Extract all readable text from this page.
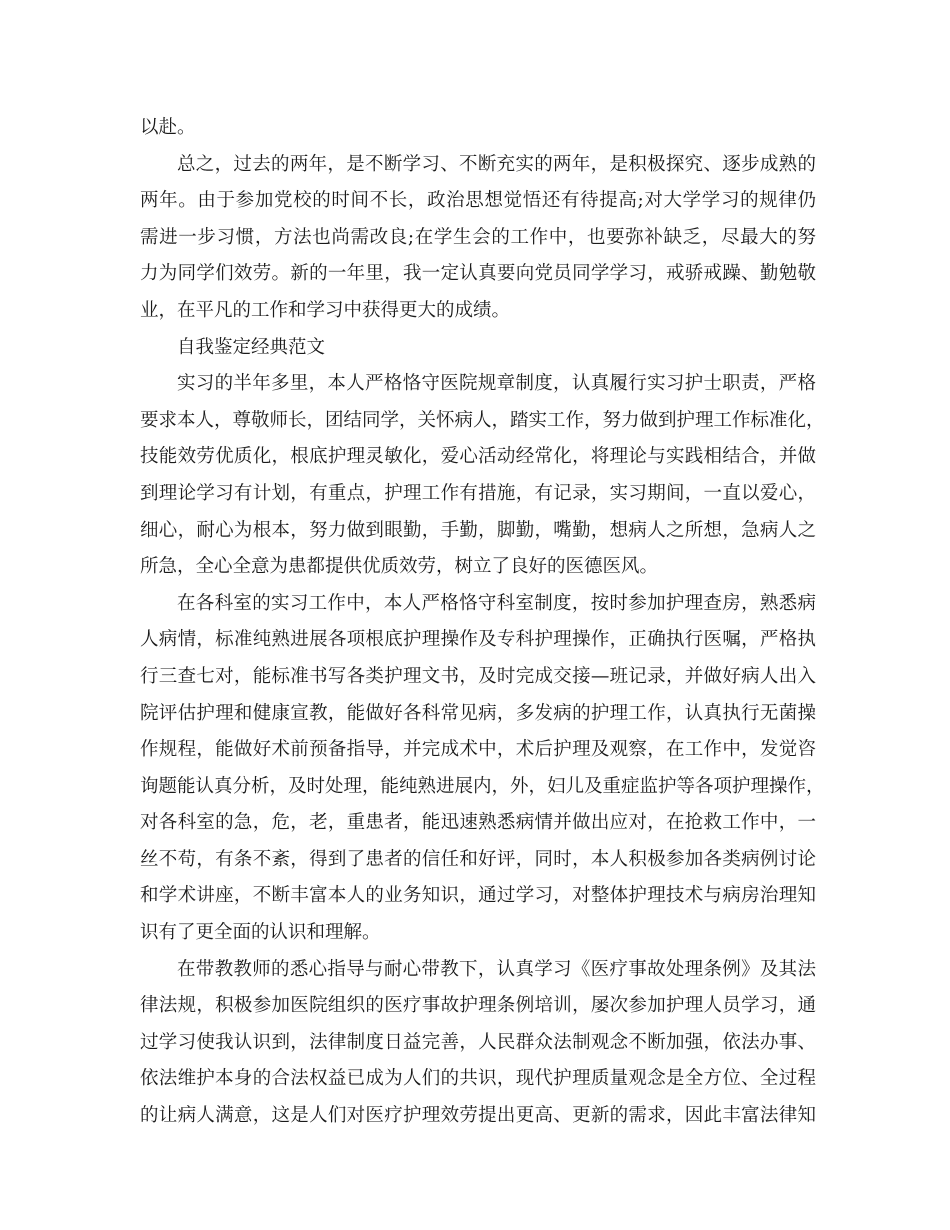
以赴。
总之，过去的两年，是不断学习、不断充实的两年，是积极探究、逐步成熟的
两年。由于参加党校的时间不长，政治思想觉悟还有待提高;对大学学习的规律仍
需进一步习惯，方法也尚需改良;在学生会的工作中，也要弥补缺乏，尽最大的努
力为同学们效劳。新的一年里，我一定认真要向党员同学学习，戒骄戒躁、勤勉敬
业，在平凡的工作和学习中获得更大的成绩。
自我鉴定经典范文
实习的半年多里，本人严格恪守医院规章制度，认真履行实习护士职责，严格
要求本人，尊敬师长，团结同学，关怀病人，踏实工作，努力做到护理工作标准化，
技能效劳优质化，根底护理灵敏化，爱心活动经常化，将理论与实践相结合，并做
到理论学习有计划，有重点，护理工作有措施，有记录，实习期间，一直以爱心，
细心，耐心为根本，努力做到眼勤，手勤，脚勤，嘴勤，想病人之所想，急病人之
所急，全心全意为患都提供优质效劳，树立了良好的医德医风。
在各科室的实习工作中，本人严格恪守科室制度，按时参加护理查房，熟悉病
人病情，标准纯熟进展各项根底护理操作及专科护理操作，正确执行医嘱，严格执
行三查七对，能标准书写各类护理文书，及时完成交接—班记录，并做好病人出入
院评估护理和健康宣教，能做好各科常见病，多发病的护理工作，认真执行无菌操
作规程，能做好术前预备指导，并完成术中，术后护理及观察，在工作中，发觉咨
询题能认真分析，及时处理，能纯熟进展内，外，妇儿及重症监护等各项护理操作，
对各科室的急，危，老，重患者，能迅速熟悉病情并做出应对，在抢救工作中，一
丝不苟，有条不紊，得到了患者的信任和好评，同时，本人积极参加各类病例讨论
和学术讲座，不断丰富本人的业务知识，通过学习，对整体护理技术与病房治理知
识有了更全面的认识和理解。
在带教教师的悉心指导与耐心带教下，认真学习《医疗事故处理条例》及其法
律法规，积极参加医院组织的医疗事故护理条例培训，屡次参加护理人员学习，通
过学习使我认识到，法律制度日益完善，人民群众法制观念不断加强，依法办事、
依法维护本身的合法权益已成为人们的共识，现代护理质量观念是全方位、全过程
的让病人满意，这是人们对医疗护理效劳提出更高、更新的需求，因此丰富法律知
